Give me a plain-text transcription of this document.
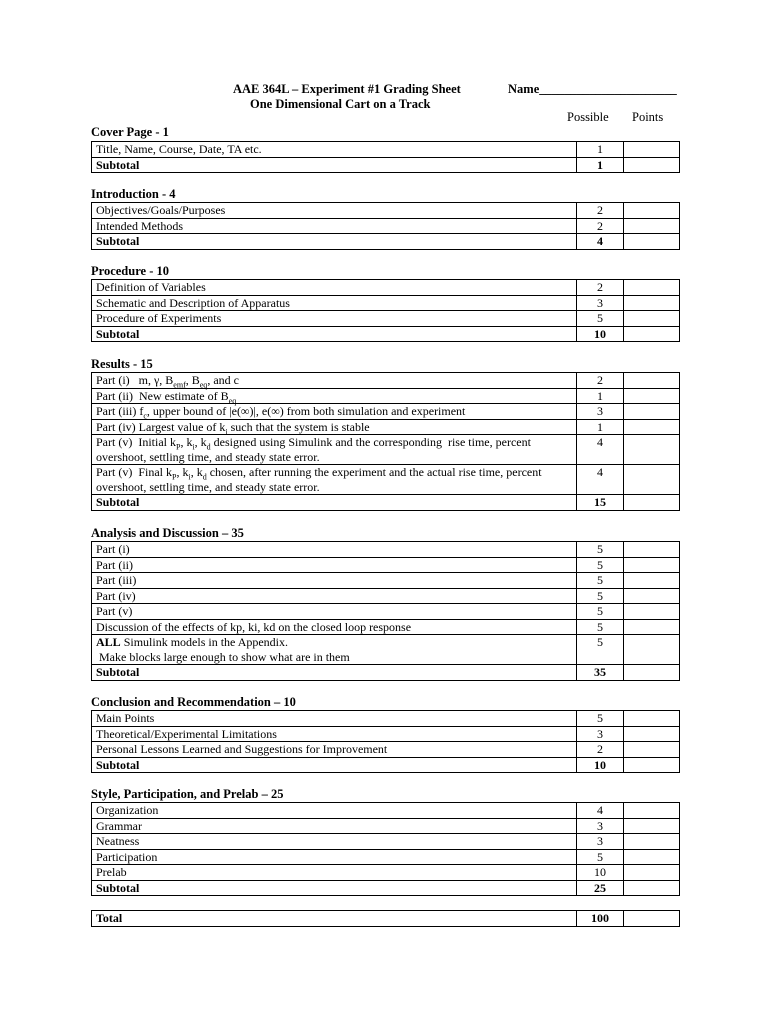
AAE 364L – Experiment #1 Grading Sheet
One Dimensional Cart on a Track
Name______________________
Possible Points
Cover Page - 1
Title, Name, Course, Date, TA etc.	1	
Subtotal	1	
Introduction - 4
Objectives/Goals/Purposes	2	
Intended Methods	2	
Subtotal	4	
Procedure - 10
Definition of Variables	2	
Schematic and Description of Apparatus	3	
Procedure of Experiments	5	
Subtotal	10	
Results - 15
Part (i)   m, γ, $B_{emf}$, $B_{eq}$, and c	2	
Part (ii)  New estimate of $B_{eq}$	1	
Part (iii) $f_c$, upper bound of |e(∞)|, e(∞) from both simulation and experiment	3	
Part (iv) Largest value of $k_i$ such that the system is stable	1	
Part (v)  Initial $k_P$, $k_i$, $k_d$ designed using Simulink and the corresponding  rise time, percent
overshoot, settling time, and steady state error.	4	
Part (v)  Final $k_P$, $k_i$, $k_d$ chosen, after running the experiment and the actual rise time, percent
overshoot, settling time, and steady state error.	4	
Subtotal	15	
Analysis and Discussion – 35
Part (i)	5	
Part (ii)	5	
Part (iii)	5	
Part (iv)	5	
Part (v)	5	
Discussion of the effects of kp, ki, kd on the closed loop response	5	
ALL Simulink models in the Appendix.
Make blocks large enough to show what are in them	5	
Subtotal	35	
Conclusion and Recommendation – 10
Main Points	5	
Theoretical/Experimental Limitations	3	
Personal Lessons Learned and Suggestions for Improvement	2	
Subtotal	10	
Style, Participation, and Prelab – 25
Organization	4	
Grammar	3	
Neatness	3	
Participation	5	
Prelab	10	
Subtotal	25	
Total	100	
